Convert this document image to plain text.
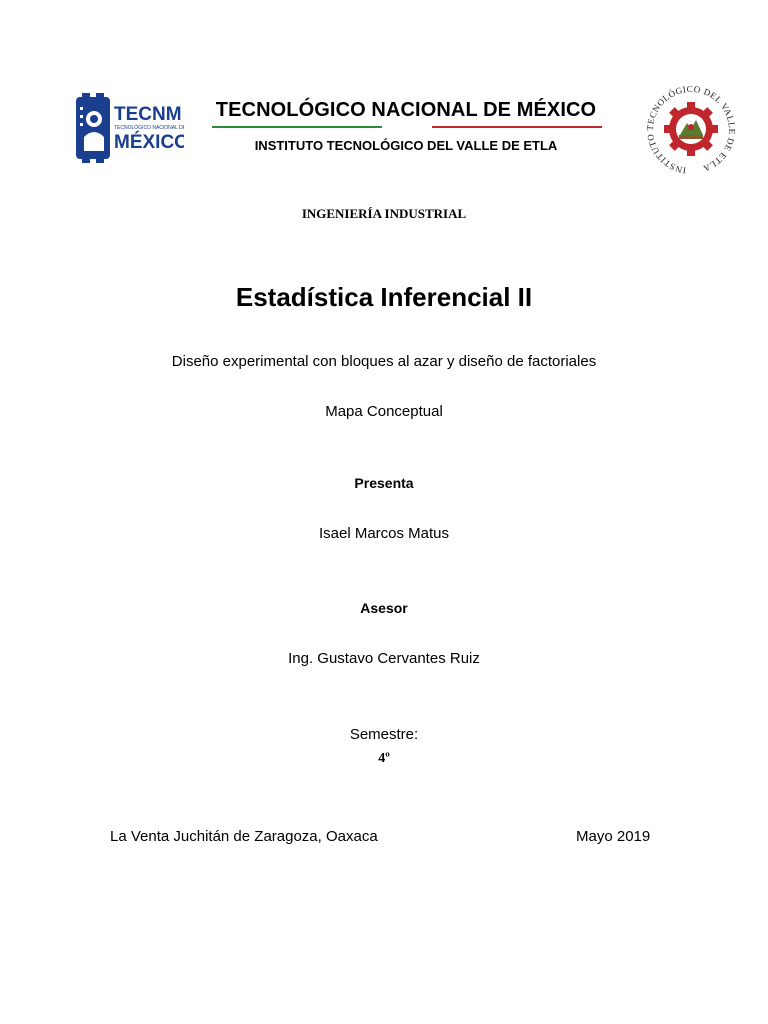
TECNM
TECNOLÓGICO NACIONAL DE
MÉXICO
TECNOLÓGICO NACIONAL DE MÉXICO
INSTITUTO TECNOLÓGICO DEL VALLE DE ETLA
INSTITUTO TECNOLÓGICO DEL VALLE DE ETLA
INGENIERÍA INDUSTRIAL
Estadística Inferencial II
Diseño experimental con bloques al azar y diseño de factoriales
Mapa Conceptual
Presenta
Isael Marcos Matus
Asesor
Ing. Gustavo Cervantes Ruiz
Semestre:
4º
La Venta Juchitán de Zaragoza, Oaxaca	Mayo 2019
